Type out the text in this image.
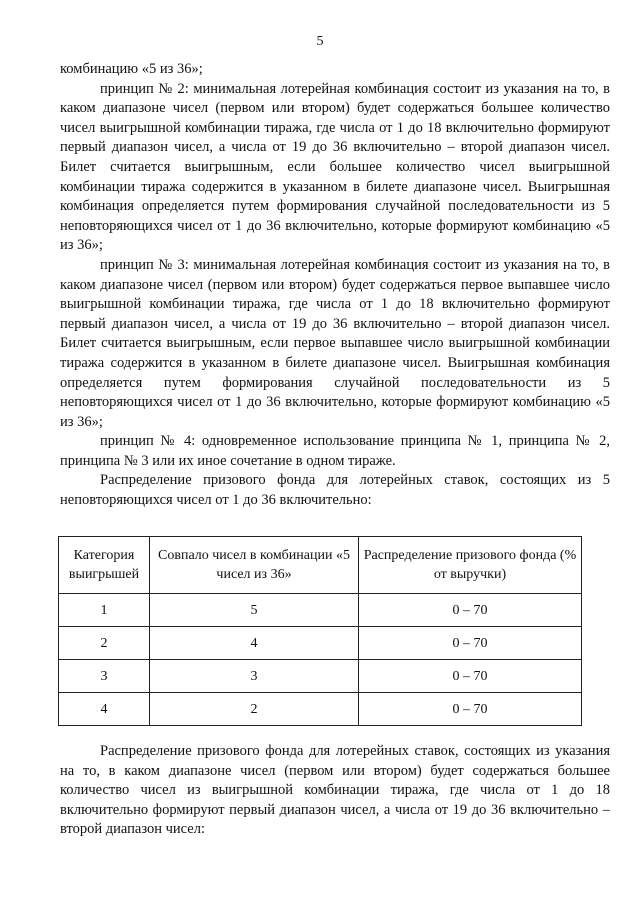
5

комбинацию «5 из 36»;

принцип № 2: минимальная лотерейная комбинация состоит из указания на то, в каком диапазоне чисел (первом или втором) будет содержаться большее количество чисел выигрышной комбинации тиража, где числа от 1 до 18 включительно формируют первый диапазон чисел, а числа от 19 до 36 включительно – второй диапазон чисел. Билет считается выигрышным, если большее количество чисел выигрышной комбинации тиража содержится в указанном в билете диапазоне чисел. Выигрышная комбинация определяется путем формирования случайной последовательности из 5 неповторяющихся чисел от 1 до 36 включительно, которые формируют комбинацию «5 из 36»;

принцип № 3: минимальная лотерейная комбинация состоит из указания на то, в каком диапазоне чисел (первом или втором) будет содержаться первое выпавшее число выигрышной комбинации тиража, где числа от 1 до 18 включительно формируют первый диапазон чисел, а числа от 19 до 36 включительно – второй диапазон чисел. Билет считается выигрышным, если первое выпавшее число выигрышной комбинации тиража содержится в указанном в билете диапазоне чисел. Выигрышная комбинация определяется путем формирования случайной последовательности из 5 неповторяющихся чисел от 1 до 36 включительно, которые формируют комбинацию «5 из 36»;

принцип № 4: одновременное использование принципа № 1, принципа № 2, принципа № 3 или их иное сочетание в одном тираже.

Распределение призового фонда для лотерейных ставок, состоящих из 5 неповторяющихся чисел от 1 до 36 включительно:

Категория выигрышей	Совпало чисел в комбинации «5 чисел из 36»	Распределение призового фонда (% от выручки)
1	5	0 – 70
2	4	0 – 70
3	3	0 – 70
4	2	0 – 70

Распределение призового фонда для лотерейных ставок, состоящих из указания на то, в каком диапазоне чисел (первом или втором) будет содержаться большее количество чисел из выигрышной комбинации тиража, где числа от 1 до 18 включительно формируют первый диапазон чисел, а числа от 19 до 36 включительно – второй диапазон чисел:
